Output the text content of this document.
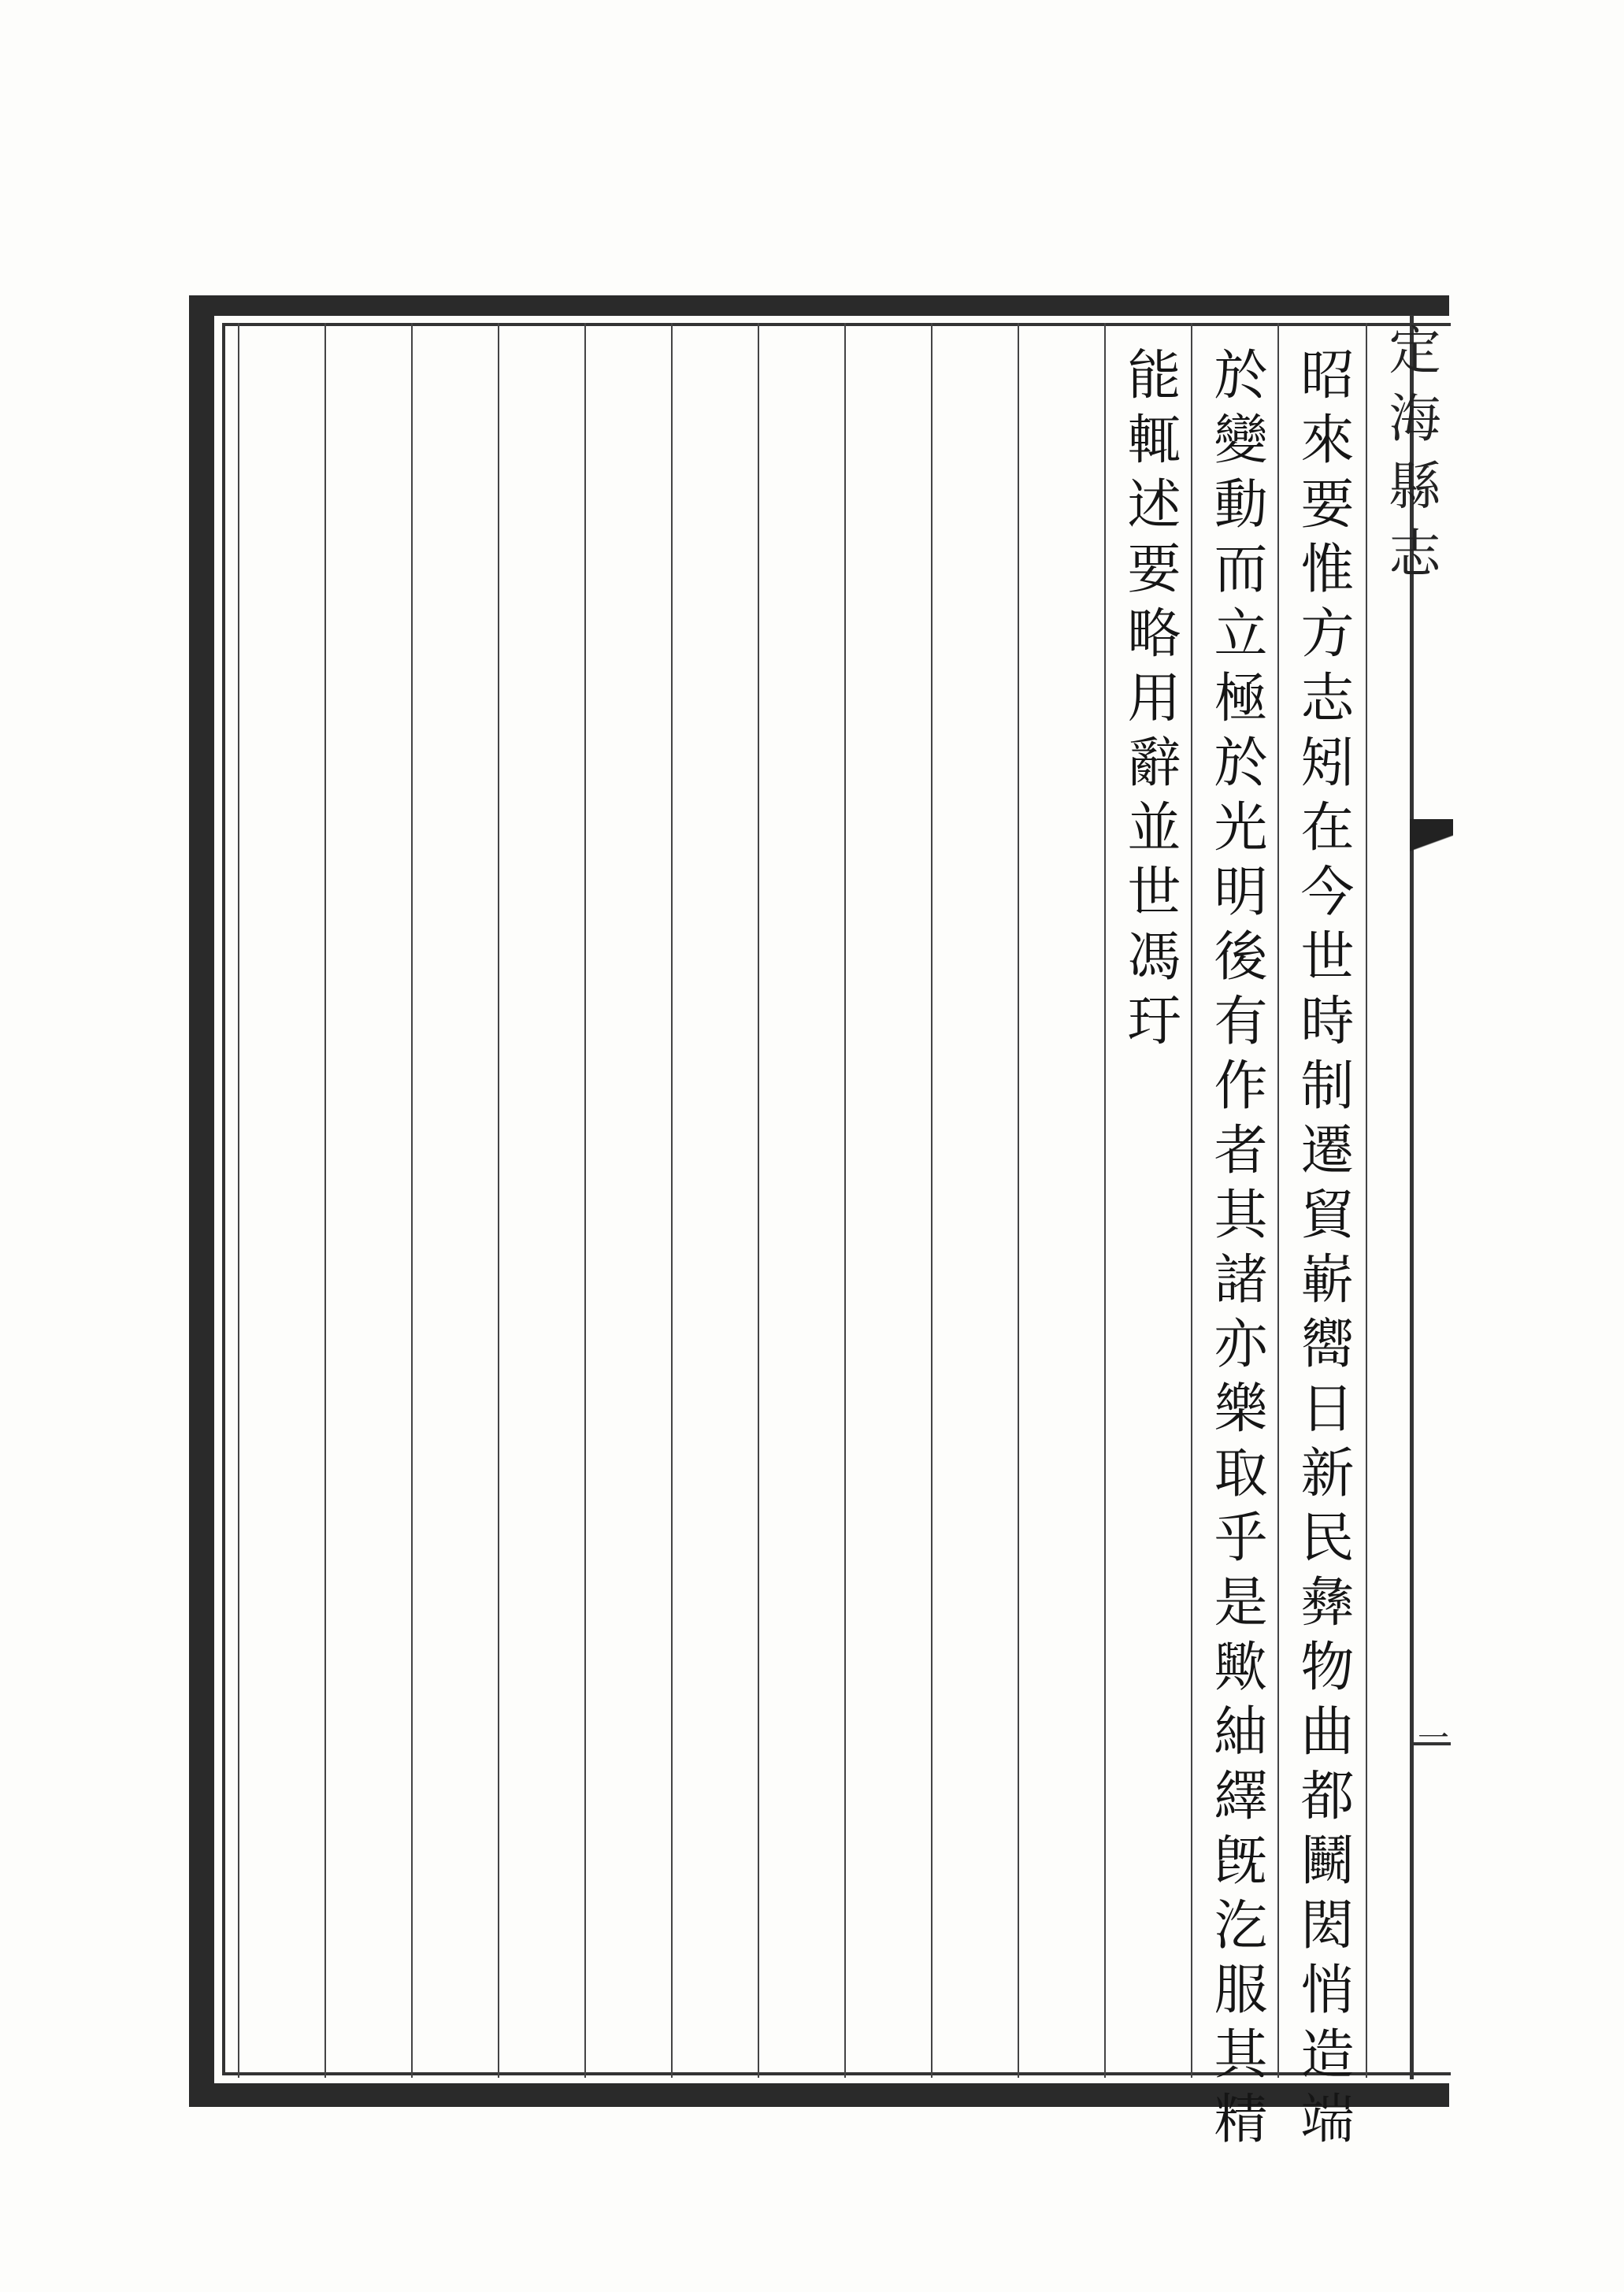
定海縣志
一
昭來要惟方志矧在今世時制遷貿嶄嚮日新民彝物曲都鬭閎悄造端
於變動而立極於光明後有作者其諸亦樂取乎是歟紬繹旣汔服其精
能輒述要略用辭並世馮玗
